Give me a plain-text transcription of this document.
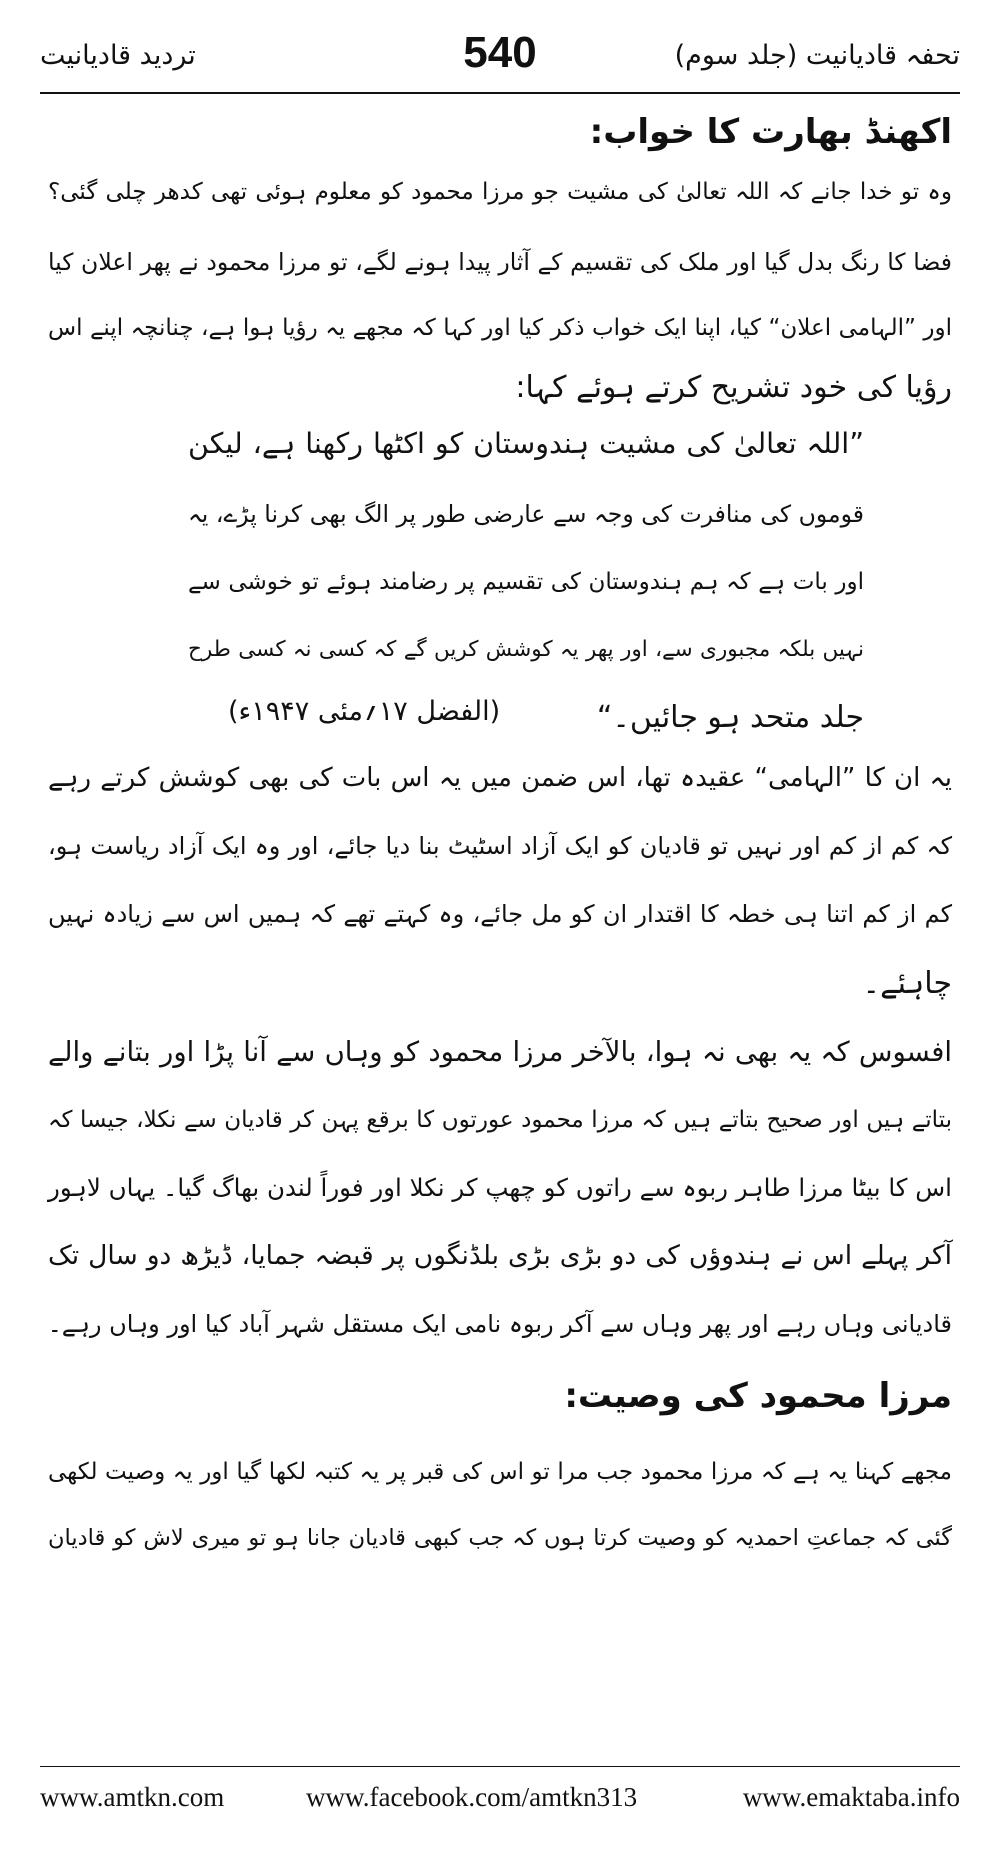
تردید قادیانیت	540	تحفہ قادیانیت (جلد سوم)
اکھنڈ بھارت کا خواب:
وہ تو خدا جانے کہ اللہ تعالیٰ کی مشیت جو مرزا محمود کو معلوم ہوئی تھی کدھر چلی گئی؟
فضا کا رنگ بدل گیا اور ملک کی تقسیم کے آثار پیدا ہونے لگے، تو مرزا محمود نے پھر اعلان کیا
اور ”الہامی اعلان“ کیا، اپنا ایک خواب ذکر کیا اور کہا کہ مجھے یہ رؤیا ہوا ہے، چنانچہ اپنے اس
رؤیا کی خود تشریح کرتے ہوئے کہا:
”اللہ تعالیٰ کی مشیت ہندوستان کو اکٹھا رکھنا ہے، لیکن
قوموں کی منافرت کی وجہ سے عارضی طور پر الگ بھی کرنا پڑے، یہ
اور بات ہے کہ ہم ہندوستان کی تقسیم پر رضامند ہوئے تو خوشی سے
نہیں بلکہ مجبوری سے، اور پھر یہ کوشش کریں گے کہ کسی نہ کسی طرح
جلد متحد ہو جائیں۔“
(الفضل ۱۷؍مئی ۱۹۴۷ء)
یہ ان کا ”الہامی“ عقیدہ تھا، اس ضمن میں یہ اس بات کی بھی کوشش کرتے رہے
کہ کم از کم اور نہیں تو قادیان کو ایک آزاد اسٹیٹ بنا دیا جائے، اور وہ ایک آزاد ریاست ہو،
کم از کم اتنا ہی خطہ کا اقتدار ان کو مل جائے، وہ کہتے تھے کہ ہمیں اس سے زیادہ نہیں
چاہئے۔
افسوس کہ یہ بھی نہ ہوا، بالآخر مرزا محمود کو وہاں سے آنا پڑا اور بتانے والے
بتاتے ہیں اور صحیح بتاتے ہیں کہ مرزا محمود عورتوں کا برقع پہن کر قادیان سے نکلا، جیسا کہ
اس کا بیٹا مرزا طاہر ربوہ سے راتوں کو چھپ کر نکلا اور فوراً لندن بھاگ گیا۔ یہاں لاہور
آکر پہلے اس نے ہندوؤں کی دو بڑی بڑی بلڈنگوں پر قبضہ جمایا، ڈیڑھ دو سال تک
قادیانی وہاں رہے اور پھر وہاں سے آکر ربوہ نامی ایک مستقل شہر آباد کیا اور وہاں رہے۔
مرزا محمود کی وصیت:
مجھے کہنا یہ ہے کہ مرزا محمود جب مرا تو اس کی قبر پر یہ کتبہ لکھا گیا اور یہ وصیت لکھی
گئی کہ جماعتِ احمدیہ کو وصیت کرتا ہوں کہ جب کبھی قادیان جانا ہو تو میری لاش کو قادیان
www.amtkn.com	www.facebook.com/amtkn313	www.emaktaba.info
